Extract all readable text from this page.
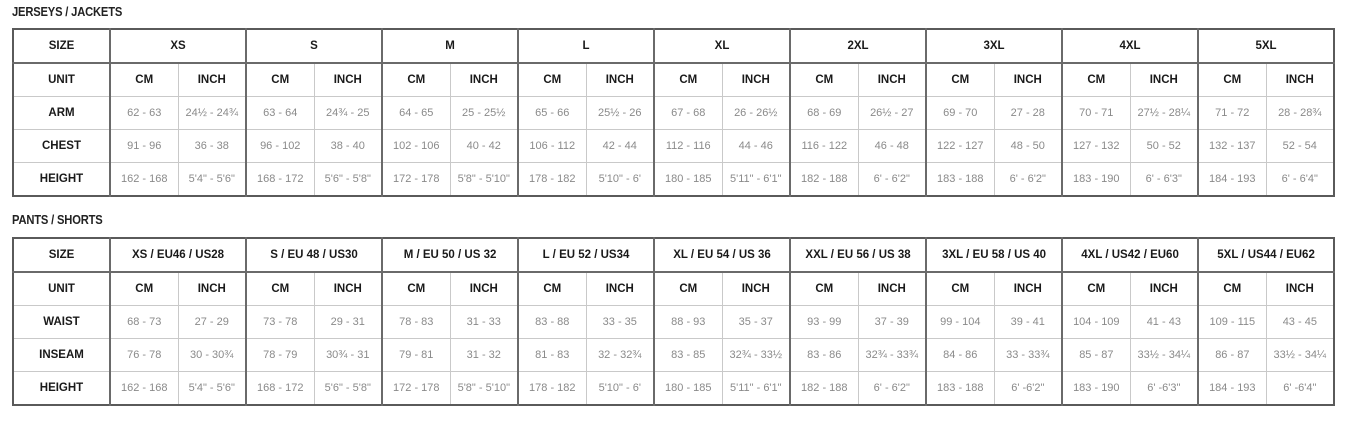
JERSEYS / JACKETS
SIZE	XS		S		M		L		XL		2XL		3XL		4XL		5XL	
UNIT	CM	INCH	CM	INCH	CM	INCH	CM	INCH	CM	INCH	CM	INCH	CM	INCH	CM	INCH	CM	INCH
ARM	62 - 63	24½ - 24¾	63 - 64	24¾ - 25	64 - 65	25 - 25½	65 - 66	25½ - 26	67 - 68	26 - 26½	68 - 69	26½ - 27	69 - 70	27 - 28	70 - 71	27½ - 28¼	71 - 72	28 - 28¾
CHEST	91 - 96	36 - 38	96 - 102	38 - 40	102 - 106	40 - 42	106 - 112	42 - 44	112 - 116	44 - 46	116 - 122	46 - 48	122 - 127	48 - 50	127 - 132	50 - 52	132 - 137	52 - 54
HEIGHT	162 - 168	5'4" - 5'6"	168 - 172	5'6" - 5'8"	172 - 178	5'8" - 5'10"	178 - 182	5'10" - 6'	180 - 185	5'11" - 6'1"	182 - 188	6' - 6'2"	183 - 188	6' - 6'2"	183 - 190	6' - 6'3"	184 - 193	6' - 6'4"
PANTS / SHORTS
SIZE	XS / EU46 / US28		S / EU 48 / US30		M / EU 50 / US 32		L / EU 52 / US34		XL / EU 54 / US 36		XXL / EU 56 / US 38		3XL / EU 58 / US 40		4XL / US42 / EU60		5XL / US44 / EU62	
UNIT	CM	INCH	CM	INCH	CM	INCH	CM	INCH	CM	INCH	CM	INCH	CM	INCH	CM	INCH	CM	INCH
WAIST	68 - 73	27 - 29	73 - 78	29 - 31	78 - 83	31 - 33	83 - 88	33 - 35	88 - 93	35 - 37	93 - 99	37 - 39	99 - 104	39 - 41	104 - 109	41 - 43	109 - 115	43 - 45
INSEAM	76 - 78	30 - 30¾	78 - 79	30¾ - 31	79 - 81	31 - 32	81 - 83	32 - 32¾	83 - 85	32¾ - 33½	83 - 86	32¾ - 33¾	84 - 86	33 - 33¾	85 - 87	33½ - 34¼	86 - 87	33½ - 34¼
HEIGHT	162 - 168	5'4" - 5'6"	168 - 172	5'6" - 5'8"	172 - 178	5'8" - 5'10"	178 - 182	5'10" - 6'	180 - 185	5'11" - 6'1"	182 - 188	6' - 6'2"	183 - 188	6' -6'2"	183 - 190	6' -6'3"	184 - 193	6' -6'4"
